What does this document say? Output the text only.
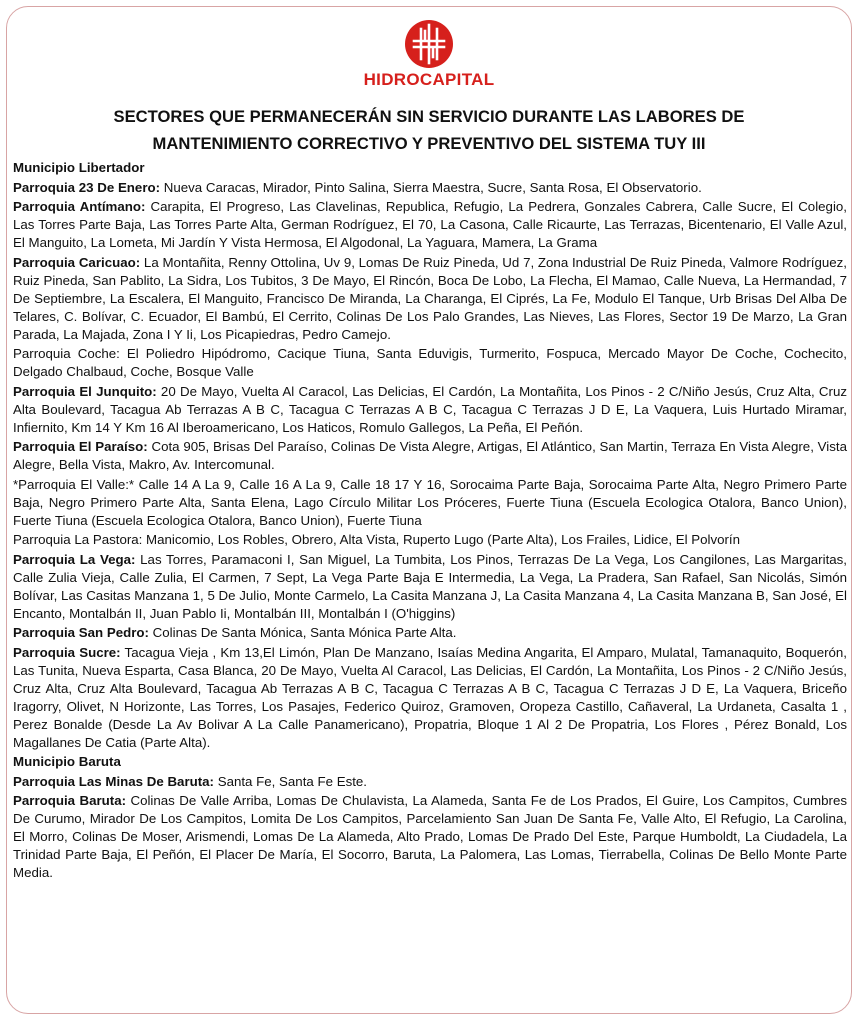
HIDROCAPITAL
SECTORES QUE PERMANECERÁN SIN SERVICIO DURANTE LAS LABORES DE
MANTENIMIENTO CORRECTIVO Y PREVENTIVO DEL SISTEMA TUY III

Municipio Libertador

Parroquia 23 De Enero: Nueva Caracas, Mirador, Pinto Salina, Sierra Maestra, Sucre, Santa Rosa, El Observatorio.

Parroquia Antímano: Carapita, El Progreso, Las Clavelinas, Republica, Refugio, La Pedrera, Gonzales Cabrera, Calle Sucre, El Colegio, Las Torres Parte Baja, Las Torres Parte Alta, German Rodríguez, El 70, La Casona, Calle Ricaurte, Las Terrazas, Bicentenario, El Valle Azul, El Manguito, La Lometa, Mi Jardín Y Vista Hermosa, El Algodonal, La Yaguara, Mamera, La Grama

Parroquia Caricuao: La Montañita, Renny Ottolina, Uv 9, Lomas De Ruiz Pineda, Ud 7, Zona Industrial De Ruiz Pineda, Valmore Rodríguez, Ruiz Pineda, San Pablito, La Sidra, Los Tubitos, 3 De Mayo, El Rincón, Boca De Lobo, La Flecha, El Mamao, Calle Nueva, La Hermandad, 7 De Septiembre, La Escalera, El Manguito, Francisco De Miranda, La Charanga, El Ciprés, La Fe, Modulo El Tanque, Urb Brisas Del Alba De Telares, C. Bolívar, C. Ecuador, El Bambú, El Cerrito, Colinas De Los Palo Grandes, Las Nieves, Las Flores, Sector 19 De Marzo, La Gran Parada, La Majada, Zona I Y Ii, Los Picapiedras, Pedro Camejo.

Parroquia Coche: El Poliedro Hipódromo, Cacique Tiuna, Santa Eduvigis, Turmerito, Fospuca, Mercado Mayor De Coche, Cochecito, Delgado Chalbaud, Coche, Bosque Valle

Parroquia El Junquito: 20 De Mayo, Vuelta Al Caracol, Las Delicias, El Cardón, La Montañita, Los Pinos - 2 C/Niño Jesús, Cruz Alta, Cruz Alta Boulevard, Tacagua Ab Terrazas A B C, Tacagua C Terrazas A B C, Tacagua C Terrazas J D E, La Vaquera, Luis Hurtado Miramar, Infiernito, Km 14 Y Km 16 Al Iberoamericano, Los Haticos, Romulo Gallegos, La Peña, El Peñón.

Parroquia El Paraíso: Cota 905, Brisas Del Paraíso, Colinas De Vista Alegre, Artigas, El Atlántico, San Martin, Terraza En Vista Alegre, Vista Alegre, Bella Vista, Makro, Av. Intercomunal.

*Parroquia El Valle:* Calle 14 A La 9, Calle 16 A La 9, Calle 18 17 Y 16, Sorocaima Parte Baja, Sorocaima Parte Alta, Negro Primero Parte Baja, Negro Primero Parte Alta, Santa Elena, Lago Círculo Militar Los Próceres, Fuerte Tiuna (Escuela Ecologica Otalora, Banco Union), Fuerte Tiuna (Escuela Ecologica Otalora, Banco Union), Fuerte Tiuna

Parroquia La Pastora: Manicomio, Los Robles, Obrero, Alta Vista, Ruperto Lugo (Parte Alta), Los Frailes, Lidice, El Polvorín

Parroquia La Vega: Las Torres, Paramaconi I, San Miguel, La Tumbita, Los Pinos, Terrazas De La Vega, Los Cangilones, Las Margaritas, Calle Zulia Vieja, Calle Zulia, El Carmen, 7 Sept, La Vega Parte Baja E Intermedia, La Vega, La Pradera, San Rafael, San Nicolás, Simón Bolívar, Las Casitas Manzana 1, 5 De Julio, Monte Carmelo, La Casita Manzana J, La Casita Manzana 4, La Casita Manzana B, San José, El Encanto, Montalbán II, Juan Pablo Ii, Montalbán III, Montalbán I (O'higgins)

Parroquia San Pedro: Colinas De Santa Mónica, Santa Mónica Parte Alta.

Parroquia Sucre: Tacagua Vieja , Km 13,El Limón, Plan De Manzano, Isaías Medina Angarita, El Amparo, Mulatal, Tamanaquito, Boquerón, Las Tunita, Nueva Esparta, Casa Blanca, 20 De Mayo, Vuelta Al Caracol, Las Delicias, El Cardón, La Montañita, Los Pinos - 2 C/Niño Jesús, Cruz Alta, Cruz Alta Boulevard, Tacagua Ab Terrazas A B C, Tacagua C Terrazas A B C, Tacagua C Terrazas J D E, La Vaquera, Briceño Iragorry, Olivet, N Horizonte, Las Torres, Los Pasajes, Federico Quiroz, Gramoven, Oropeza Castillo, Cañaveral, La Urdaneta, Casalta 1 , Perez Bonalde (Desde La Av Bolivar A La Calle Panamericano), Propatria, Bloque 1 Al 2 De Propatria, Los Flores , Pérez Bonald, Los Magallanes De Catia (Parte Alta).

Municipio Baruta

Parroquia Las Minas De Baruta: Santa Fe, Santa Fe Este.

Parroquia Baruta: Colinas De Valle Arriba, Lomas De Chulavista, La Alameda, Santa Fe de Los Prados, El Guire, Los Campitos, Cumbres De Curumo, Mirador De Los Campitos, Lomita De Los Campitos, Parcelamiento San Juan De Santa Fe, Valle Alto, El Refugio, La Carolina, El Morro, Colinas De Moser, Arismendi, Lomas De La Alameda, Alto Prado, Lomas De Prado Del Este, Parque Humboldt, La Ciudadela, La Trinidad Parte Baja, El Peñón, El Placer De María, El Socorro, Baruta, La Palomera, Las Lomas, Tierrabella, Colinas De Bello Monte Parte Media.
